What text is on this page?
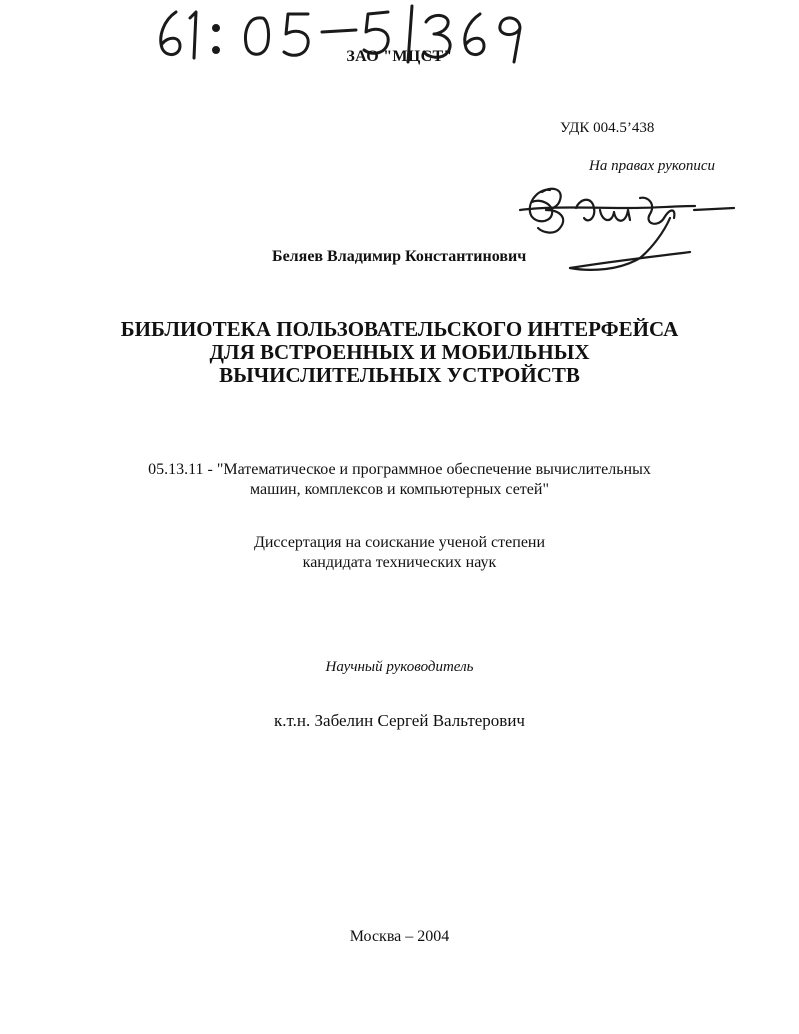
ЗАО "МЦСТ"
УДК 004.5’438
На правах рукописи
Беляев Владимир Константинович
БИБЛИОТЕКА ПОЛЬЗОВАТЕЛЬСКОГО ИНТЕРФЕЙСА
ДЛЯ ВСТРОЕННЫХ И МОБИЛЬНЫХ
ВЫЧИСЛИТЕЛЬНЫХ УСТРОЙСТВ
05.13.11 - "Математическое и программное обеспечение вычислительных
машин, комплексов и компьютерных сетей"
Диссертация на соискание ученой степени
кандидата технических наук
Научный руководитель
к.т.н. Забелин Сергей Вальтерович
Москва – 2004
